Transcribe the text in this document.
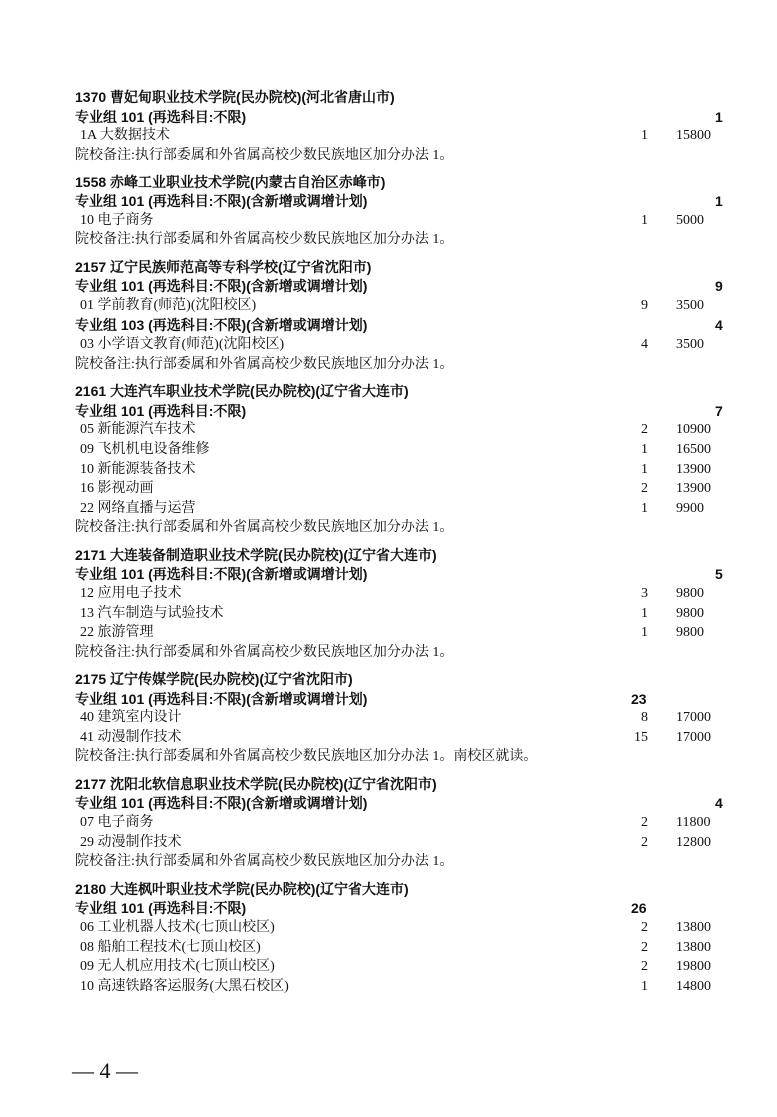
1370 曹妃甸职业技术学院(民办院校)(河北省唐山市)
专业组 101 (再选科目:不限)	1
1A 大数据技术	1 15800
院校备注:执行部委属和外省属高校少数民族地区加分办法 1。
1558 赤峰工业职业技术学院(内蒙古自治区赤峰市)
专业组 101 (再选科目:不限)(含新增或调增计划)	1
10 电子商务	1 5000
院校备注:执行部委属和外省属高校少数民族地区加分办法 1。
2157 辽宁民族师范高等专科学校(辽宁省沈阳市)
专业组 101 (再选科目:不限)(含新增或调增计划)	9
01 学前教育(师范)(沈阳校区)	9 3500
专业组 103 (再选科目:不限)(含新增或调增计划)	4
03 小学语文教育(师范)(沈阳校区)	4 3500
院校备注:执行部委属和外省属高校少数民族地区加分办法 1。
2161 大连汽车职业技术学院(民办院校)(辽宁省大连市)
专业组 101 (再选科目:不限)	7
05 新能源汽车技术	2 10900
09 飞机机电设备维修	1 16500
10 新能源装备技术	1 13900
16 影视动画	2 13900
22 网络直播与运营	1 9900
院校备注:执行部委属和外省属高校少数民族地区加分办法 1。
2171 大连装备制造职业技术学院(民办院校)(辽宁省大连市)
专业组 101 (再选科目:不限)(含新增或调增计划)	5
12 应用电子技术	3 9800
13 汽车制造与试验技术	1 9800
22 旅游管理	1 9800
院校备注:执行部委属和外省属高校少数民族地区加分办法 1。
2175 辽宁传媒学院(民办院校)(辽宁省沈阳市)
专业组 101 (再选科目:不限)(含新增或调增计划)	23
40 建筑室内设计	8 17000
41 动漫制作技术	15 17000
院校备注:执行部委属和外省属高校少数民族地区加分办法 1。南校区就读。
2177 沈阳北软信息职业技术学院(民办院校)(辽宁省沈阳市)
专业组 101 (再选科目:不限)(含新增或调增计划)	4
07 电子商务	2 11800
29 动漫制作技术	2 12800
院校备注:执行部委属和外省属高校少数民族地区加分办法 1。
2180 大连枫叶职业技术学院(民办院校)(辽宁省大连市)
专业组 101 (再选科目:不限)	26
06 工业机器人技术(七顶山校区)	2 13800
08 船舶工程技术(七顶山校区)	2 13800
09 无人机应用技术(七顶山校区)	2 19800
10 高速铁路客运服务(大黑石校区)	1 14800
— 4 —
